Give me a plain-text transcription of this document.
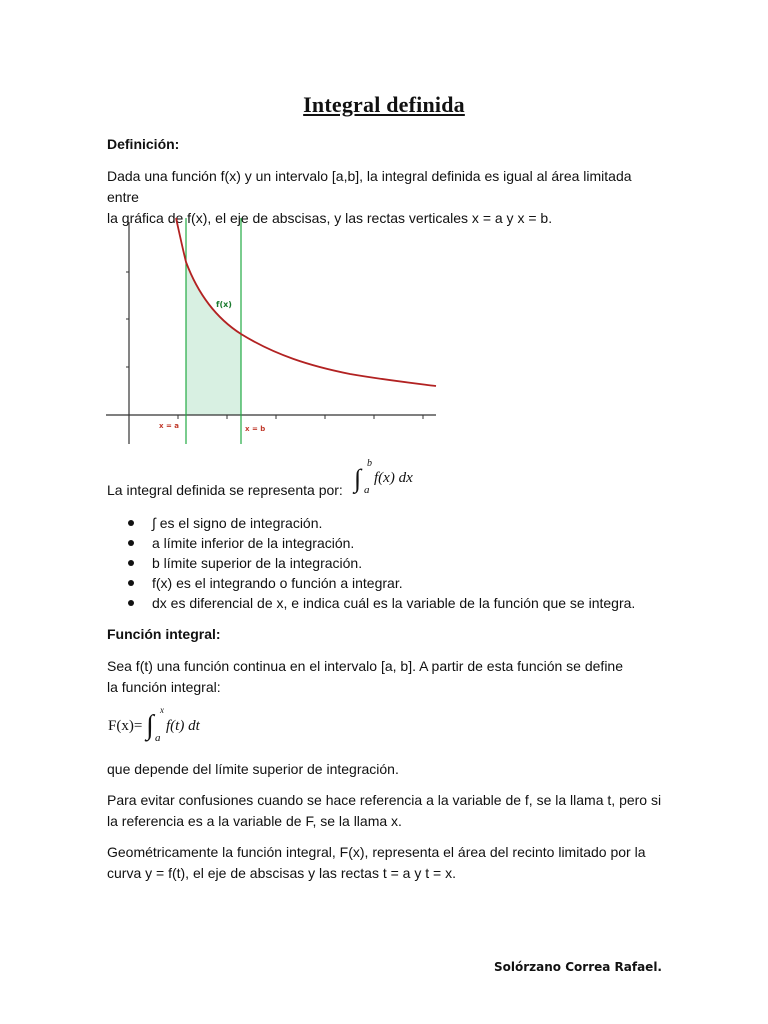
Integral definida
Definición:
Dada una función f(x) y un intervalo [a,b], la integral definida es igual al área limitada entre
la gráfica de f(x), el eje de abscisas, y las rectas verticales x = a y x = b.
f(x)
x = a	x = b
La integral definida se representa por: ∫
b
a
f(x) dx
∫ es el signo de integración.
a límite inferior de la integración.
b límite superior de la integración.
f(x) es el integrando o función a integrar.
dx es diferencial de x, e indica cuál es la variable de la función que se integra.
Función integral:
Sea f(t) una función continua en el intervalo [a, b]. A partir de esta función se define
la función integral:
F(x)= ∫ x
a
f(t) dt
que depende del límite superior de integración.
Para evitar confusiones cuando se hace referencia a la variable de f, se la llama t, pero si
la referencia es a la variable de F, se la llama x.
Geométricamente la función integral, F(x), representa el área del recinto limitado por la
curva y = f(t), el eje de abscisas y las rectas t = a y t = x.
Solórzano Correa Rafael.
